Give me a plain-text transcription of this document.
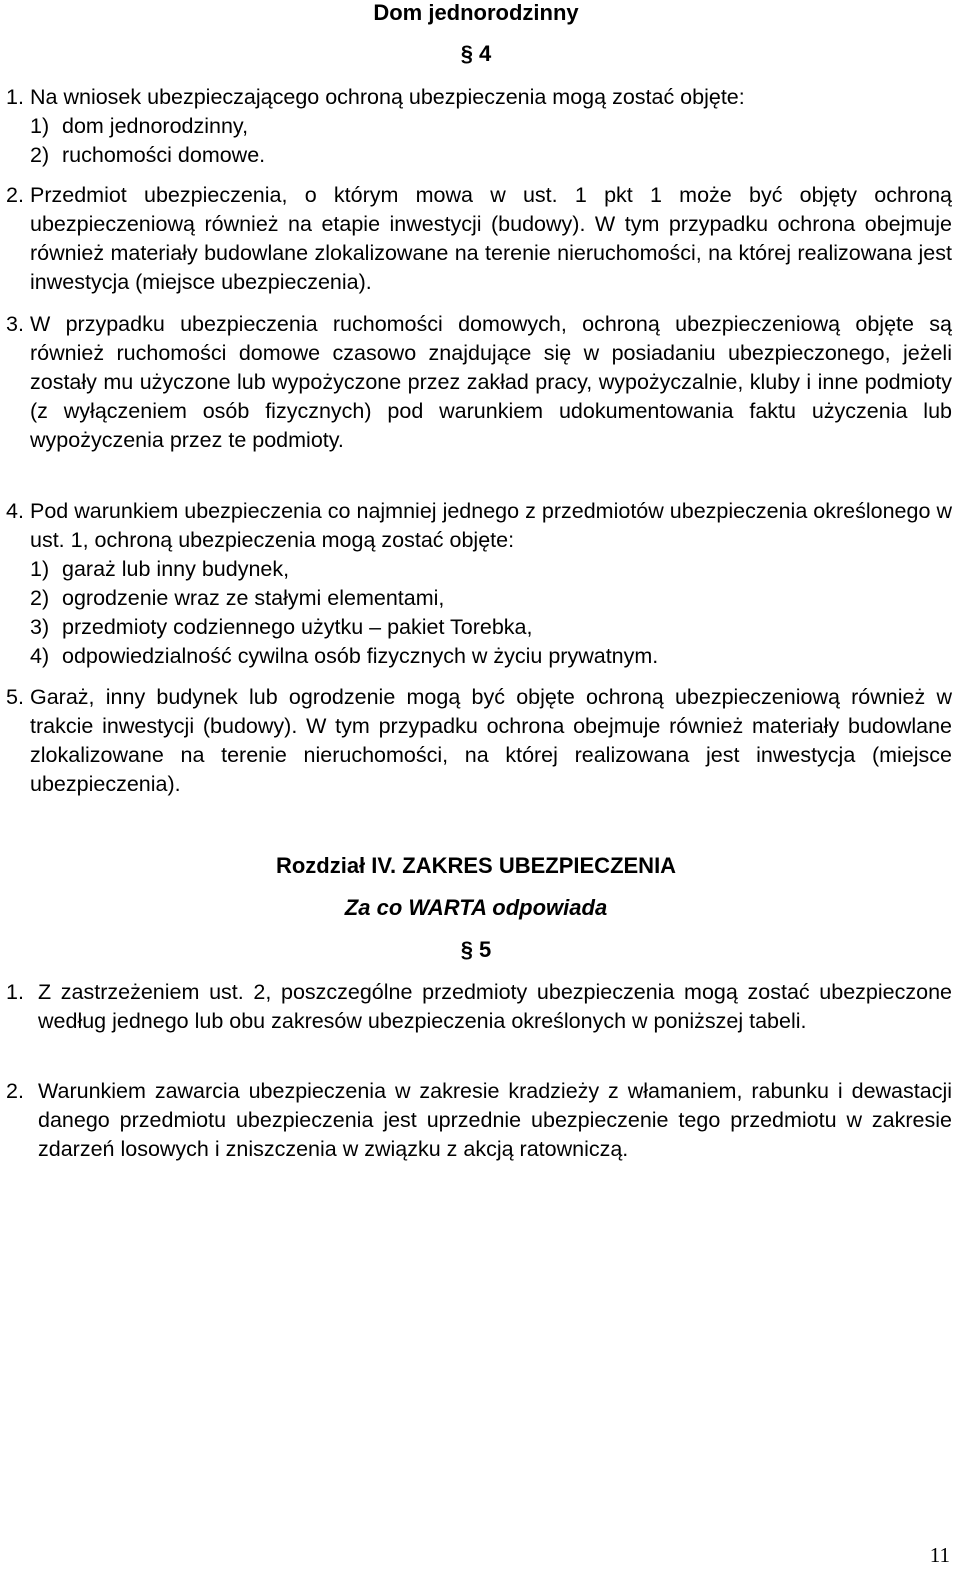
Dom jednorodzinny
§ 4
1. Na wniosek ubezpieczającego ochroną ubezpieczenia mogą zostać objęte:
1) dom jednorodzinny,
2) ruchomości domowe.
2. Przedmiot ubezpieczenia, o którym mowa w ust. 1 pkt 1 może być objęty ochroną ubezpieczeniową również na etapie inwestycji (budowy). W tym przypadku ochrona obejmuje również materiały budowlane zlokalizowane na terenie nieruchomości, na której realizowana jest inwestycja (miejsce ubezpieczenia).
3. W przypadku ubezpieczenia ruchomości domowych, ochroną ubezpieczeniową objęte są również ruchomości domowe czasowo znajdujące się w posiadaniu ubezpieczonego, jeżeli zostały mu użyczone lub wypożyczone przez zakład pracy, wypożyczalnie, kluby i inne podmioty (z wyłączeniem osób fizycznych) pod warunkiem udokumentowania faktu użyczenia lub wypożyczenia przez te podmioty.
4. Pod warunkiem ubezpieczenia co najmniej jednego z przedmiotów ubezpieczenia określonego w ust. 1, ochroną ubezpieczenia mogą zostać objęte:
1) garaż lub inny budynek,
2) ogrodzenie wraz ze stałymi elementami,
3) przedmioty codziennego użytku – pakiet Torebka,
4) odpowiedzialność cywilna osób fizycznych w życiu prywatnym.
5. Garaż, inny budynek lub ogrodzenie mogą być objęte ochroną ubezpieczeniową również w trakcie inwestycji (budowy). W tym przypadku ochrona obejmuje również materiały budowlane zlokalizowane na terenie nieruchomości, na której realizowana jest inwestycja (miejsce ubezpieczenia).
Rozdział IV. ZAKRES UBEZPIECZENIA
Za co WARTA odpowiada
§ 5
1. Z zastrzeżeniem ust. 2, poszczególne przedmioty ubezpieczenia mogą zostać ubezpieczone według jednego lub obu zakresów ubezpieczenia określonych w poniższej tabeli.
2. Warunkiem zawarcia ubezpieczenia w zakresie kradzieży z włamaniem, rabunku i dewastacji danego przedmiotu ubezpieczenia jest uprzednie ubezpieczenie tego przedmiotu w zakresie zdarzeń losowych i zniszczenia w związku z akcją ratowniczą.
11
